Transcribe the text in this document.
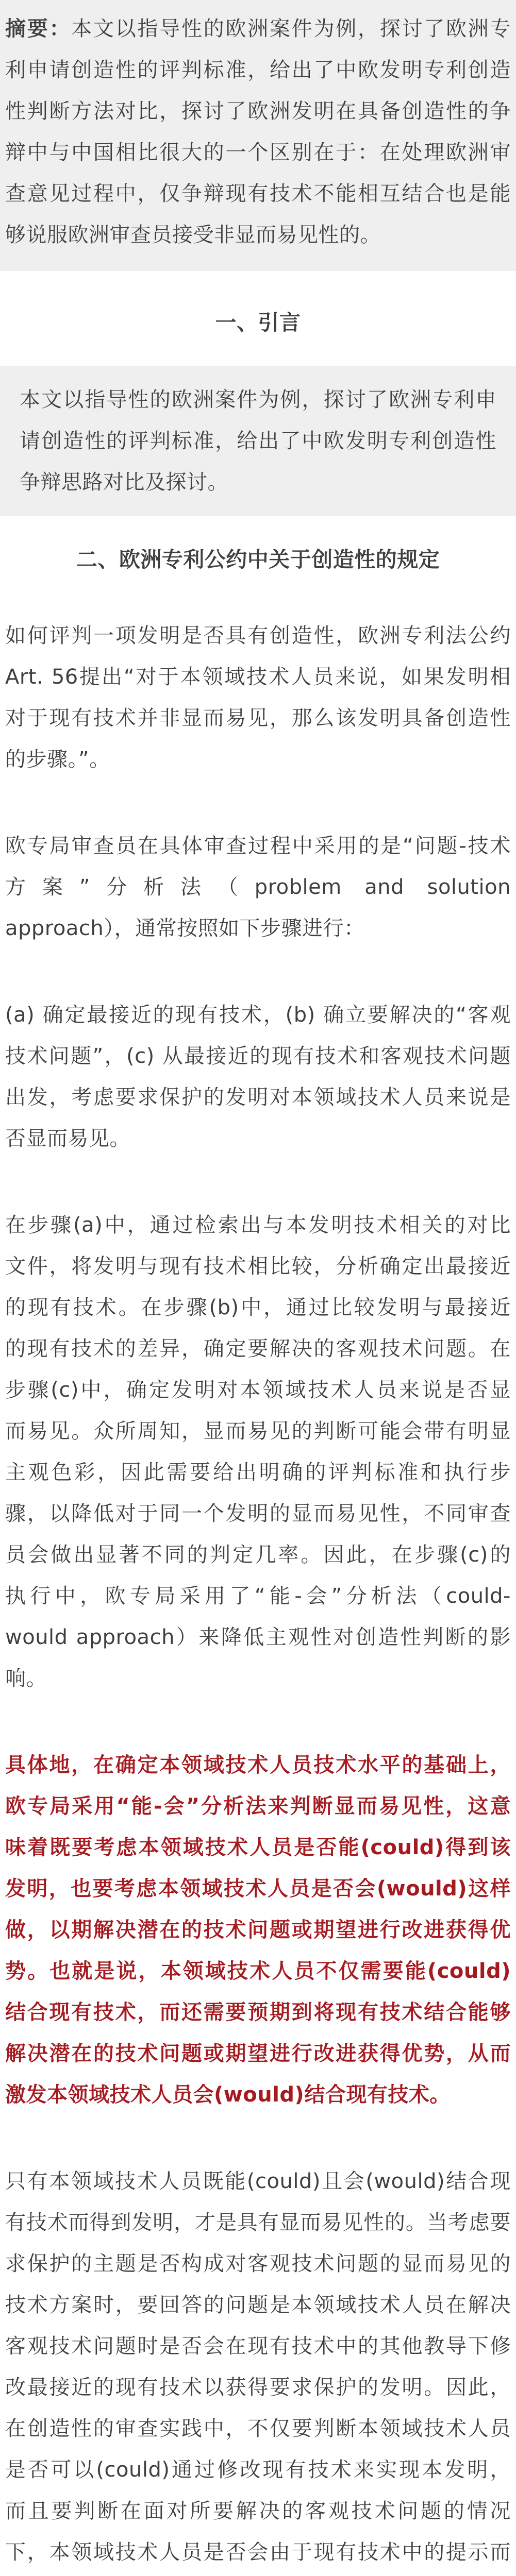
摘要：本文以指导性的欧洲案件为例，探讨了欧洲专
利申请创造性的评判标准，给出了中欧发明专利创造
性判断方法对比，探讨了欧洲发明在具备创造性的争
辩中与中国相比很大的一个区别在于：在处理欧洲审
查意见过程中，仅争辩现有技术不能相互结合也是能
够说服欧洲审查员接受非显而易见性的。
一、引言
本文以指导性的欧洲案件为例，探讨了欧洲专利申
请创造性的评判标准，给出了中欧发明专利创造性
争辩思路对比及探讨。
二、欧洲专利公约中关于创造性的规定

如何评判一项发明是否具有创造性，欧洲专利法公约
Art. 56提出“对于本领域技术人员来说，如果发明相
对于现有技术并非显而易见，那么该发明具备创造性
的步骤。”。

欧专局审查员在具体审查过程中采用的是“问题-技术
方案”分析法（problem and solution
approach），通常按照如下步骤进行：

(a) 确定最接近的现有技术，(b) 确立要解决的“客观
技术问题”，(c) 从最接近的现有技术和客观技术问题
出发，考虑要求保护的发明对本领域技术人员来说是
否显而易见。

在步骤(a)中，通过检索出与本发明技术相关的对比
文件，将发明与现有技术相比较，分析确定出最接近
的现有技术。在步骤(b)中，通过比较发明与最接近
的现有技术的差异，确定要解决的客观技术问题。在
步骤(c)中，确定发明对本领域技术人员来说是否显
而易见。众所周知，显而易见的判断可能会带有明显
主观色彩，因此需要给出明确的评判标准和执行步
骤，以降低对于同一个发明的显而易见性，不同审查
员会做出显著不同的判定几率。因此，在步骤(c)的
执行中，欧专局采用了“能-会”分析法（could-
would approach）来降低主观性对创造性判断的影
响。

具体地，在确定本领域技术人员技术水平的基础上，
欧专局采用“能-会”分析法来判断显而易见性，这意
味着既要考虑本领域技术人员是否能(could)得到该
发明，也要考虑本领域技术人员是否会(would)这样
做，以期解决潜在的技术问题或期望进行改进获得优
势。也就是说，本领域技术人员不仅需要能(could)
结合现有技术，而还需要预期到将现有技术结合能够
解决潜在的技术问题或期望进行改进获得优势，从而
激发本领域技术人员会(would)结合现有技术。

只有本领域技术人员既能(could)且会(would)结合现
有技术而得到发明，才是具有显而易见性的。当考虑要
求保护的主题是否构成对客观技术问题的显而易见的
技术方案时，要回答的问题是本领域技术人员在解决
客观技术问题时是否会在现有技术中的其他教导下修
改最接近的现有技术以获得要求保护的发明。因此，
在创造性的审查实践中，不仅要判断本领域技术人员
是否可以(could)通过修改现有技术来实现本发明，
而且要判断在面对所要解决的客观技术问题的情况
下，本领域技术人员是否会由于现有技术中的提示而
